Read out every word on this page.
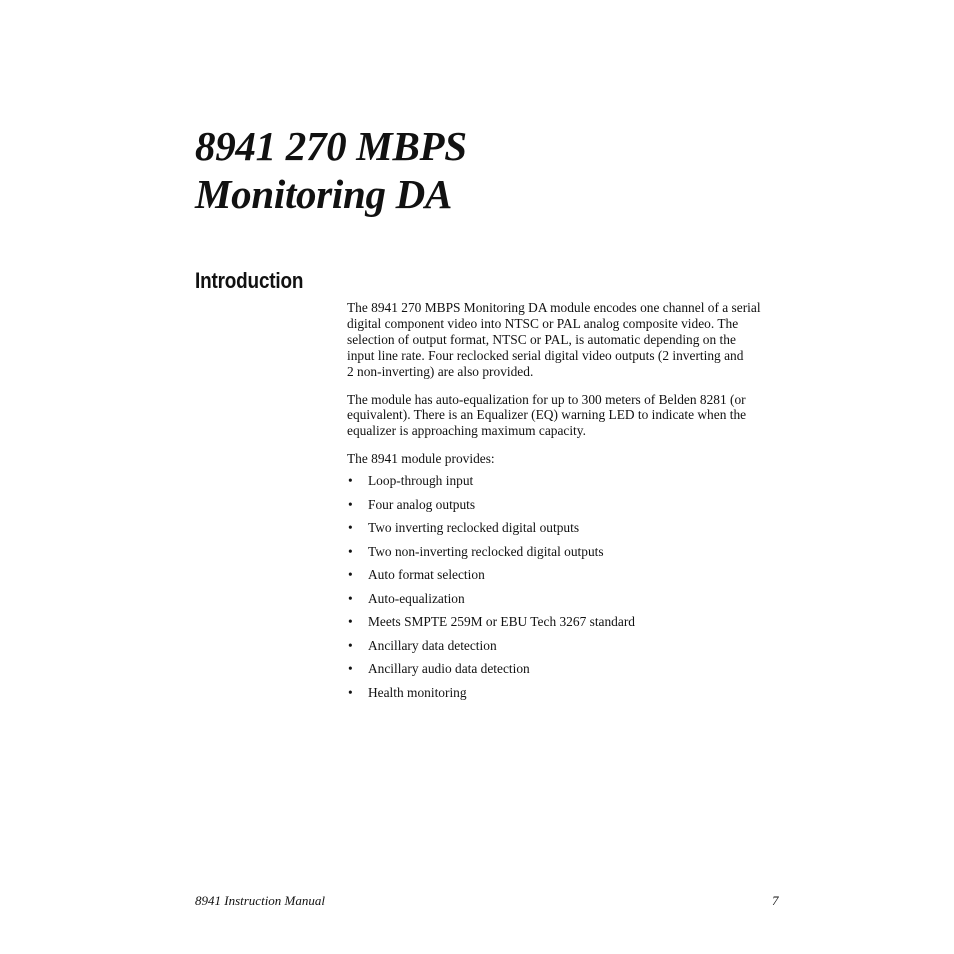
8941 270 MBPS
Monitoring DA
Introduction

The 8941 270 MBPS Monitoring DA module encodes one channel of a serial
digital component video into NTSC or PAL analog composite video. The
selection of output format, NTSC or PAL, is automatic depending on the
input line rate. Four reclocked serial digital video outputs (2 inverting and
2 non-inverting) are also provided.

The module has auto-equalization for up to 300 meters of Belden 8281 (or
equivalent). There is an Equalizer (EQ) warning LED to indicate when the
equalizer is approaching maximum capacity.

The 8941 module provides:

• Loop-through input
• Four analog outputs
• Two inverting reclocked digital outputs
• Two non-inverting reclocked digital outputs
• Auto format selection
• Auto-equalization
• Meets SMPTE 259M or EBU Tech 3267 standard
• Ancillary data detection
• Ancillary audio data detection
• Health monitoring
8941 Instruction Manual	7
